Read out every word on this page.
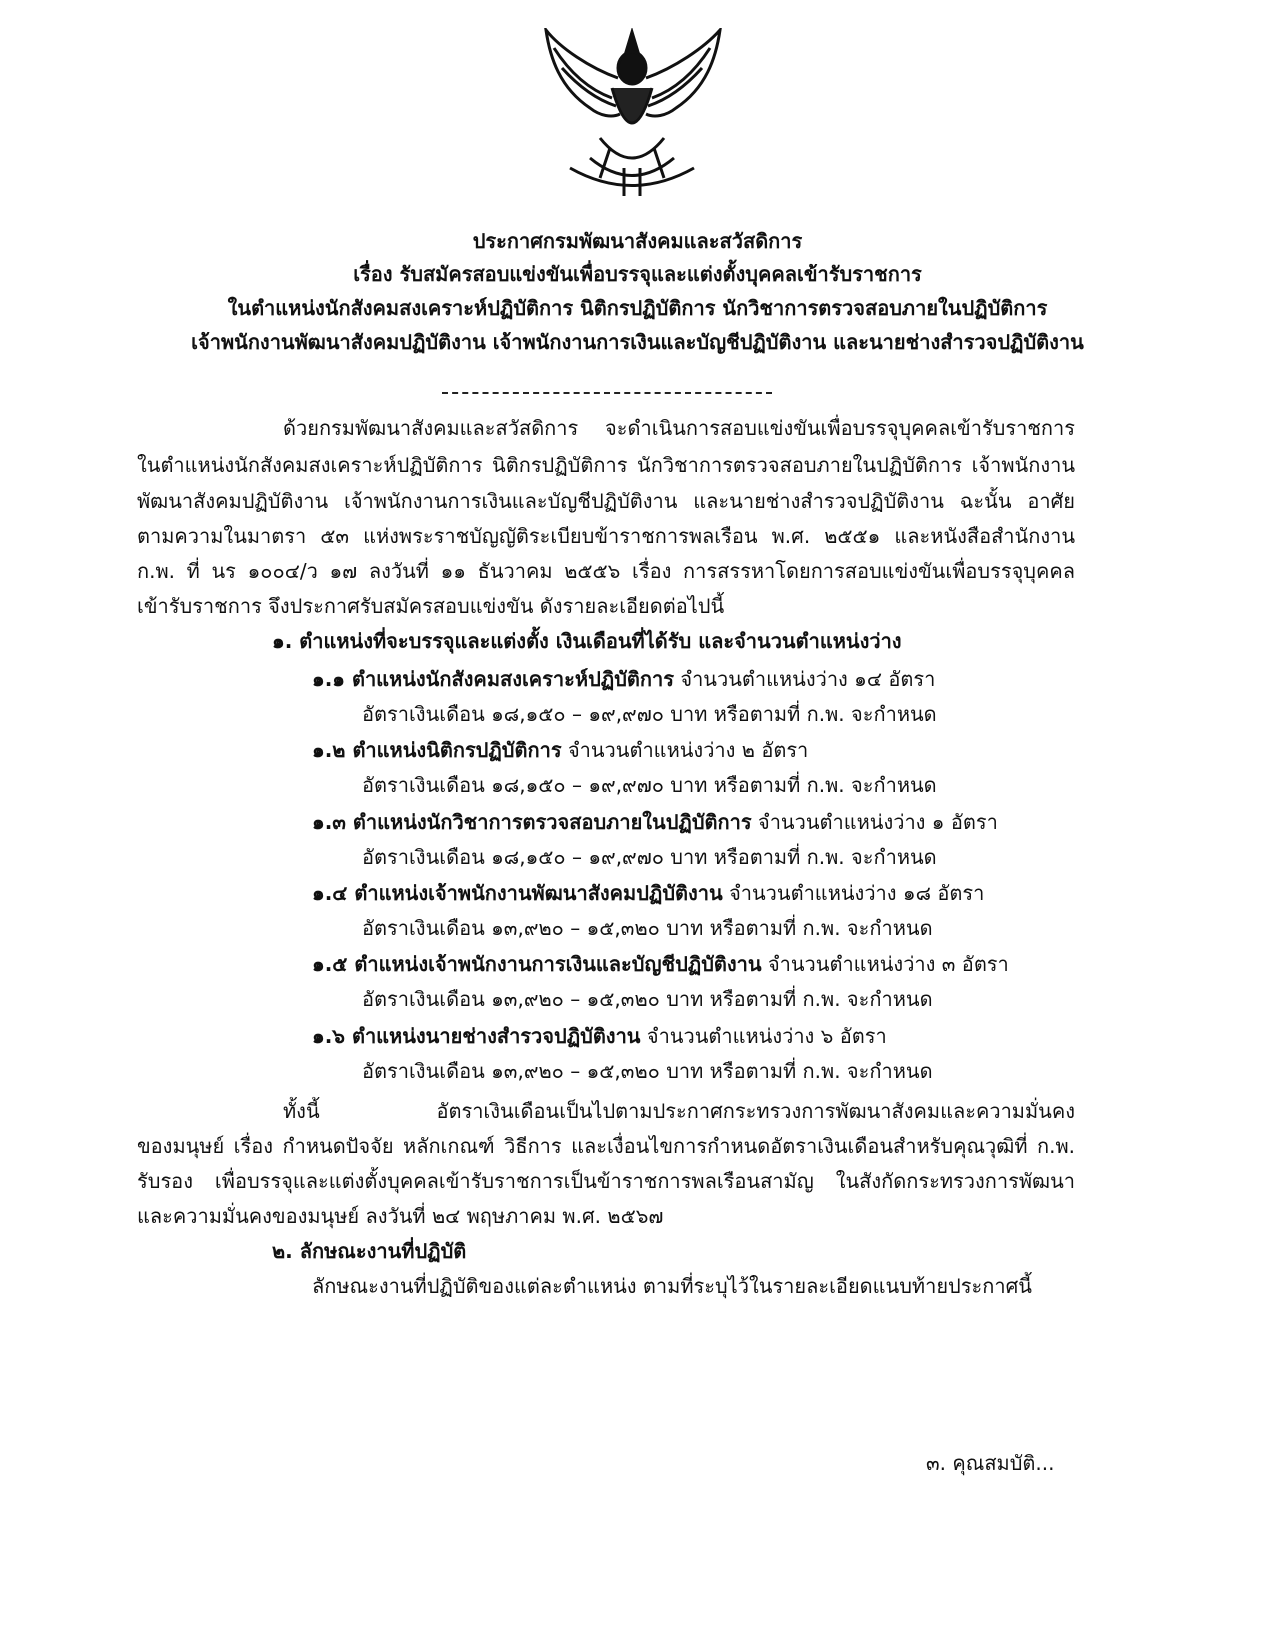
ประกาศกรมพัฒนาสังคมและสวัสดิการ
เรื่อง รับสมัครสอบแข่งขันเพื่อบรรจุและแต่งตั้งบุคคลเข้ารับราชการ
ในตำแหน่งนักสังคมสงเคราะห์ปฏิบัติการ นิติกรปฏิบัติการ นักวิชาการตรวจสอบภายในปฏิบัติการ
เจ้าพนักงานพัฒนาสังคมปฏิบัติงาน เจ้าพนักงานการเงินและบัญชีปฏิบัติงาน และนายช่างสำรวจปฏิบัติงาน
ด้วยกรมพัฒนาสังคมและสวัสดิการ จะดำเนินการสอบแข่งขันเพื่อบรรจุบุคคลเข้ารับราชการ
ในตำแหน่งนักสังคมสงเคราะห์ปฏิบัติการ นิติกรปฏิบัติการ นักวิชาการตรวจสอบภายในปฏิบัติการ เจ้าพนักงาน
พัฒนาสังคมปฏิบัติงาน เจ้าพนักงานการเงินและบัญชีปฏิบัติงาน และนายช่างสำรวจปฏิบัติงาน ฉะนั้น อาศัย
ตามความในมาตรา ๕๓ แห่งพระราชบัญญัติระเบียบข้าราชการพลเรือน พ.ศ. ๒๕๕๑ และหนังสือสำนักงาน
ก.พ. ที่ นร ๑๐๐๔/ว ๑๗ ลงวันที่ ๑๑ ธันวาคม ๒๕๕๖ เรื่อง การสรรหาโดยการสอบแข่งขันเพื่อบรรจุบุคคล
เข้ารับราชการ จึงประกาศรับสมัครสอบแข่งขัน ดังรายละเอียดต่อไปนี้
๑. ตำแหน่งที่จะบรรจุและแต่งตั้ง เงินเดือนที่ได้รับ และจำนวนตำแหน่งว่าง
๑.๑ ตำแหน่งนักสังคมสงเคราะห์ปฏิบัติการ จำนวนตำแหน่งว่าง ๑๔ อัตรา
อัตราเงินเดือน ๑๘,๑๕๐ – ๑๙,๙๗๐ บาท หรือตามที่ ก.พ. จะกำหนด
๑.๒ ตำแหน่งนิติกรปฏิบัติการ จำนวนตำแหน่งว่าง ๒ อัตรา
อัตราเงินเดือน ๑๘,๑๕๐ – ๑๙,๙๗๐ บาท หรือตามที่ ก.พ. จะกำหนด
๑.๓ ตำแหน่งนักวิชาการตรวจสอบภายในปฏิบัติการ จำนวนตำแหน่งว่าง ๑ อัตรา
อัตราเงินเดือน ๑๘,๑๕๐ – ๑๙,๙๗๐ บาท หรือตามที่ ก.พ. จะกำหนด
๑.๔ ตำแหน่งเจ้าพนักงานพัฒนาสังคมปฏิบัติงาน จำนวนตำแหน่งว่าง ๑๘ อัตรา
อัตราเงินเดือน ๑๓,๙๒๐ – ๑๕,๓๒๐ บาท หรือตามที่ ก.พ. จะกำหนด
๑.๕ ตำแหน่งเจ้าพนักงานการเงินและบัญชีปฏิบัติงาน จำนวนตำแหน่งว่าง ๓ อัตรา
อัตราเงินเดือน ๑๓,๙๒๐ – ๑๕,๓๒๐ บาท หรือตามที่ ก.พ. จะกำหนด
๑.๖ ตำแหน่งนายช่างสำรวจปฏิบัติงาน จำนวนตำแหน่งว่าง ๖ อัตรา
อัตราเงินเดือน ๑๓,๙๒๐ – ๑๕,๓๒๐ บาท หรือตามที่ ก.พ. จะกำหนด
ทั้งนี้ อัตราเงินเดือนเป็นไปตามประกาศกระทรวงการพัฒนาสังคมและความมั่นคง
ของมนุษย์ เรื่อง กำหนดปัจจัย หลักเกณฑ์ วิธีการ และเงื่อนไขการกำหนดอัตราเงินเดือนสำหรับคุณวุฒิที่ ก.พ.
รับรอง เพื่อบรรจุและแต่งตั้งบุคคลเข้ารับราชการเป็นข้าราชการพลเรือนสามัญ ในสังกัดกระทรวงการพัฒนา
และความมั่นคงของมนุษย์ ลงวันที่ ๒๔ พฤษภาคม พ.ศ. ๒๕๖๗
๒. ลักษณะงานที่ปฏิบัติ
ลักษณะงานที่ปฏิบัติของแต่ละตำแหน่ง ตามที่ระบุไว้ในรายละเอียดแนบท้ายประกาศนี้
๓. คุณสมบัติ...
